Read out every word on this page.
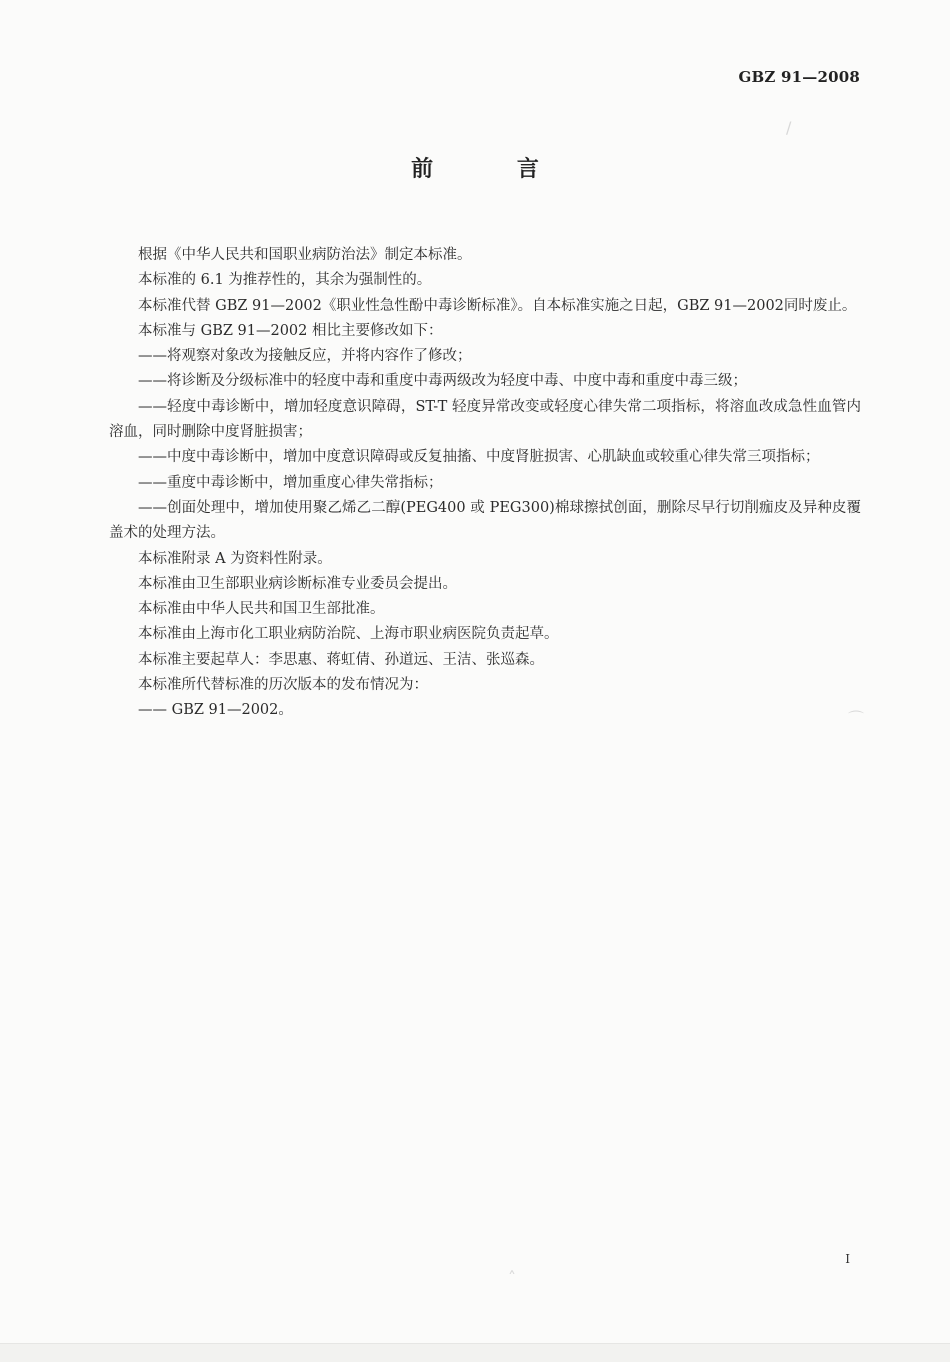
GBZ 91—2008
前 言

根据《中华人民共和国职业病防治法》制定本标准。

本标准的 6.1 为推荐性的，其余为强制性的。

本标准代替 GBZ 91—2002《职业性急性酚中毒诊断标准》。自本标准实施之日起，GBZ 91—2002同时废止。

本标准与 GBZ 91—2002 相比主要修改如下：

——将观察对象改为接触反应，并将内容作了修改；

——将诊断及分级标准中的轻度中毒和重度中毒两级改为轻度中毒、中度中毒和重度中毒三级；

——轻度中毒诊断中，增加轻度意识障碍，ST-T 轻度异常改变或轻度心律失常二项指标，将溶血改成急性血管内溶血，同时删除中度肾脏损害；

——中度中毒诊断中，增加中度意识障碍或反复抽搐、中度肾脏损害、心肌缺血或较重心律失常三项指标；

——重度中毒诊断中，增加重度心律失常指标；

——创面处理中，增加使用聚乙烯乙二醇(PEG400 或 PEG300)棉球擦拭创面，删除尽早行切削痂皮及异种皮覆盖术的处理方法。

本标准附录 A 为资料性附录。

本标准由卫生部职业病诊断标准专业委员会提出。

本标准由中华人民共和国卫生部批准。

本标准由上海市化工职业病防治院、上海市职业病医院负责起草。

本标准主要起草人：李思惠、蒋虹倩、孙道远、王洁、张巡森。

本标准所代替标准的历次版本的发布情况为：

—— GBZ 91—2002。

/
⌒
˄
I
